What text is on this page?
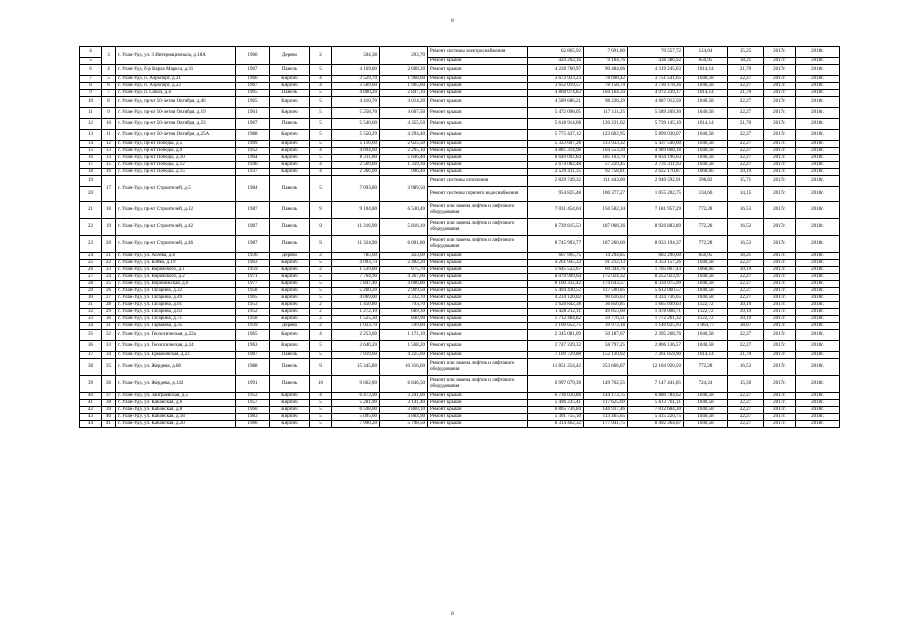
8
4	3	г. Улан-Удэ, ул. 3 Интернационала, д.18А	1960	Дерево	2	504,38	293,70	Ремонт системы электроснабжения	62 865,92	7 691,80	70 557,72	124,64	15,25	2017г.	2018г.
5								Ремонт крыши	429 202,16	9 184,76	438 386,92	850,95	18,21	2017г.	2018г.
6	4	г. Улан-Удэ, б-р Карла Маркса, д.31	1967	Панель	5	4 169,80	2 608,30	Ремонт крыши	4 228 760,97	90 484,66	4 319 245,63	1014,14	21,70	2017г.	2018г.
7	5	г. Улан-Удэ, п. Аэропорт, д.21	1966	Кирпич	4	3 529,70	1 968,60	Ремонт крыши	3 672 933,23	78 608,42	3 751 541,65	1040,58	22,27	2017г.	2018г.
8	6	г. Улан-Удэ, п. Аэропорт, д.22	1967	Кирпич	4	3 509,60	1 965,00	Ремонт крыши	3 652 019,57	78 158,79	3 730 178,36	1040,58	22,27	2017г.	2018г.
9	7	г. Улан-Удэ, п. Сокол, д.6	1965	Панель	5	4 800,20	2 847,10	Ремонт крыши	4 868 074,83	104 164,34	4 972 239,17	1014,14	21,70	2017г.	2018г.
10	8	г. Улан-Удэ, пр-кт 50-летия Октября, д.46	1965	Кирпич	5	4 410,70	3 014,30	Ремонт крыши	4 589 686,21	98 226,29	4 687 912,50	1040,58	22,27	2017г.	2018г.
11	9	г. Улан-Удэ, пр-кт 50-летия Октября, д.19	1961	Кирпич	5	5 258,70	4 667,50	Ремонт крыши	5 472 098,05	117 111,25	5 589 209,30	1040,58	22,27	2017г.	2018г.
12	10	г. Улан-Удэ, пр-кт 50-летия Октября, д.23	1967	Панель	5	5 540,60	4 355,50	Ремонт крыши	5 618 914,08	120 231,02	5 739 145,10	1014,14	21,70	2017г.	2018г.
13	11	г. Улан-Удэ, пр-кт 50-летия Октября, д.25А	1988	Кирпич	5	5 550,29	4 294,40	Ремонт крыши	5 775 427,12	123 602,95	5 899 030,07	1040,58	22,27	2017г.	2018г.
14	12	г. Улан-Удэ, пр-кт Победы, д.5	1969	Кирпич	5	5 116,00	2 625,50	Ремонт крыши	5 323 607,28	113 933,32	5 437 540,60	1040,58	22,27	2017г.	2018г.
15	13	г. Улан-Удэ, пр-кт Победы, д.9	1952	Кирпич	4	4 694,60	2 295,10	Ремонт крыши	4 885 314,98	104 553,20	4 989 868,18	1040,58	22,27	2017г.	2018г.
16	14	г. Улан-Удэ, пр-кт Победы, д.10	1964	Кирпич	5	8 311,80	5 646,40	Ремонт крыши	8 649 092,84	185 103,79	8 834 196,63	1040,58	22,27	2017г.	2018г.
17	15	г. Улан-Удэ, пр-кт Победы, д.12	1940	Кирпич	4	2 569,80	1 339,30	Ремонт крыши	2 674 082,48	57 229,45	2 731 311,93	1040,58	22,27	2017г.	2018г.
18	16	г. Улан-Удэ, пр-кт Победы, д.15	1937	Кирпич	4	2 366,90	996,40	Ремонт крыши	2 529 411,35	92 758,81	2 622 170,87	1068,66	39,19	2017г.	2018г.
19	17	г. Улан-Удэ, пр-кт Строителей, д.5	1984	Панель	5	7 093,80	3 989,50	Ремонт системы отопления	2 829 749,32	111 443,00	2 940 592,91	398,82	15,71	2017г.	2018г.
20								Ремонт системы горячего водоснабжения	954 825,48	100 377,27	1 055 202,75	134,60	14,15	2017г.	2018г.
21	18	г. Улан-Удэ, пр-кт Строителей, д.12	1987	Панель	9	9 104,80	6 530,40	Ремонт или замена лифтов и лифтового оборудования	7 031 454,04	150 502,34	7 181 957,29	772,28	16,53	2017г.	2018г.
22	19	г. Улан-Удэ, пр-кт Строителей, д.42	1987	Панель	9	11 316,90	5 816,10	Ремонт или замена лифтов и лифтового оборудования	8 739 815,53	187 068,36	8 926 883,89	772,28	16,53	2017г.	2018г.
23	20	г. Улан-Удэ, пр-кт Строителей, д.46	1987	Панель	9	11 324,90	6 001,80	Ремонт или замена лифтов и лифтового оборудования	8 745 993,77	187 200,60	8 933 194,37	772,28	16,53	2017г.	2018г.
24	21	г. Улан-Удэ, ул. Асеева, д.8	1936	Дерево	2	785,00	423,00	Ремонт крыши	667 995,75	14 294,85	682 290,60	850,95	18,21	2017г.	2018г.
25	22	г. Улан-Удэ, ул. Бойко, д.19	1963	Кирпич	5	4 093,74	2 482,20	Ремонт крыши	4 261 945,33	91 212,13	4 353 157,26	1040,58	22,27	2017г.	2018г.
26	23	г. Улан-Удэ, ул. Воровского, д.1	1959	Кирпич	2	1 539,80	675,70	Ремонт крыши	1 645 522,67	60 344,76	1 705 867,43	1068,66	39,19	2017г.	2018г.
27	24	г. Улан-Удэ, ул. Воровского, д.2	1971	Кирпич	5	7 764,90	4 367,00	Ремонт крыши	8 079 999,64	172 924,32	8 252 923,97	1040,58	22,27	2017г.	2018г.
28	25	г. Улан-Удэ, ул. Воронежская, д.6	1977	Кирпич	5	7 847,40	4 606,80	Ремонт крыши	8 160 332,42	174 643,57	8 334 975,99	1040,58	22,27	2017г.	2018г.
29	26	г. Улан-Удэ, ул. Гагарина, д.22	1958	Кирпич	5	5 260,20	2 909,50	Ремонт крыши	5 494 430,52	117 590,05	5 612 060,57	1040,58	22,27	2017г.	2018г.
30	27	г. Улан-Удэ, ул. Гагарина, д.49	1965	Кирпич	5	4 069,00	2 332,70	Ремонт крыши	4 234 120,02	90 616,63	4 324 736,65	1040,58	22,27	2017г.	2018г.
31	28	г. Улан-Удэ, ул. Гагарина, д.61	1953	Кирпич	2	1 450,80	793,70	Ремонт крыши	1 628 842,38	36 856,85	1 665 699,03	1122,72	39,19	2017г.	2018г.
32	29	г. Улан-Удэ, ул. Гагарина, д.63	1952	Кирпич	2	1 272,10	689,30	Ремонт крыши	1 428 212,11	49 855,60	1 478 068,71	1122,72	39,19	2017г.	2018г.
33	30	г. Улан-Удэ, ул. Гагарина, д.71	1958	Кирпич	2	1 525,30	840,90	Ремонт крыши	1 712 484,82	59 776,51	1 772 261,32	1122,72	39,19	2017г.	2018г.
34	31	г. Улан-Удэ, ул. Гармаева, д.35	1939	Дерево	2	1 033,70	599,80	Ремонт крыши	1 100 652,75	39 973,18	1 140 625,93	1 064,77	38,67	2017г.	2018г.
35	32	г. Улан-Удэ, ул. Геологическая, д.22а	1965	Кирпич	4	2 253,60	1 171,10	Ремонт крыши	2 345 081,09	50 187,67	2 395 268,76	1040,58	22,27	2017г.	2018г.
36	33	г. Улан-Удэ, ул. Геологическая, д.24	1963	Кирпич	5	2 640,20	1 568,20	Ремонт крыши	2 747 339,32	58 797,25	2 806 136,57	1040,58	22,27	2017г.	2018г.
37	34	г. Улан-Удэ, ул. Ермаковская, д.22	1987	Панель	5	7 019,60	4 225,60	Ремонт крыши	7 109 729,88	152 130,02	7 261 859,90	1014,14	21,70	2017г.	2018г.
38	35	г. Улан-Удэ, ул. Жердева, д.68	1988	Панель	9	15 345,80	10 316,60	Ремонт или замена лифтов и лифтового оборудования	11 851 254,42	253 666,07	12 104 920,50	772,28	16,53	2017г.	2018г.
39	36	г. Улан-Удэ, ул. Жердева, д.142	1991	Панель	10	9 662,80	6 846,50	Ремонт или замена лифтов и лифтового оборудования	6 997 679,30	149 762,55	7 147 441,85	724,24	15,50	2017г.	2018г.
40	37	г. Улан-Удэ, ул. Заиграевская, д.5	1952	Кирпич	4	6 473,90	3 241,00	Ремонт крыши	6 736 610,86	144 173,75	6 880 784,62	1040,58	22,27	2017г.	2018г.
41	38	г. Улан-Удэ, ул. Кабанская, д.6	1957	Кирпич	5	5 281,90	3 141,40	Ремонт крыши	5 496 235,41	117 625,69	5 613 761,11	1040,58	22,27	2017г.	2018г.
42	39	г. Улан-Удэ, ул. Кабанская, д.8	1960	Кирпич	5	6 598,00	3 860,10	Ремонт крыши	6 865 736,84	146 937,46	7 012 684,30	1040,58	22,27	2017г.	2018г.
43	40	г. Улан-Удэ, ул. Кабанская, д.18	1983	Кирпич	5	5 095,00	3 884,90	Ремонт крыши	5 301 755,10	113 465,65	5 415 220,75	1040,58	22,27	2017г.	2018г.
44	41	г. Улан-Удэ, ул. Кабанская, д.20	1986	Кирпич	5	7 990,20	5 798,50	Ремонт крыши	8 314 462,32	177 941,75	8 492 364,07	1040,58	22,27	2017г.	2018г.
8
